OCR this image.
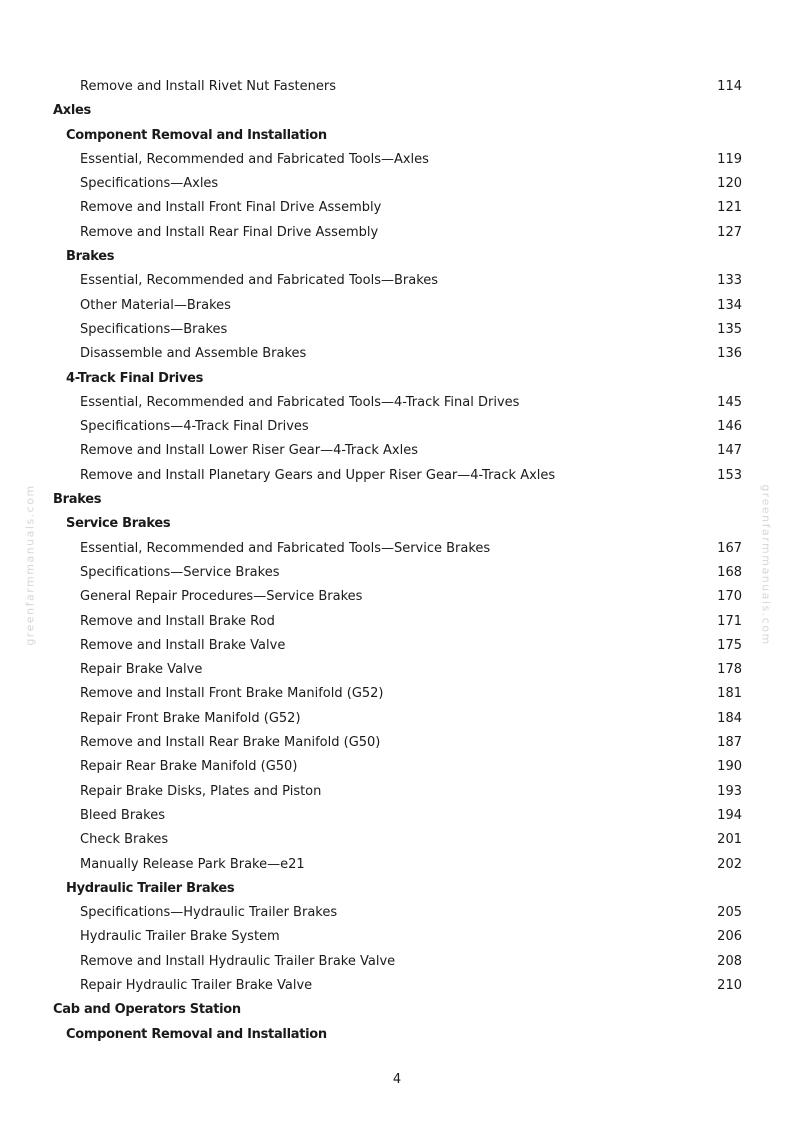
Remove and Install Rivet Nut Fasteners	114
Axles
Component Removal and Installation
Essential, Recommended and Fabricated Tools—Axles	119
Specifications—Axles	120
Remove and Install Front Final Drive Assembly	121
Remove and Install Rear Final Drive Assembly	127
Brakes
Essential, Recommended and Fabricated Tools—Brakes	133
Other Material—Brakes	134
Specifications—Brakes	135
Disassemble and Assemble Brakes	136
4-Track Final Drives
Essential, Recommended and Fabricated Tools—4-Track Final Drives	145
Specifications—4-Track Final Drives	146
Remove and Install Lower Riser Gear—4-Track Axles	147
Remove and Install Planetary Gears and Upper Riser Gear—4-Track Axles	153
Brakes
Service Brakes
Essential, Recommended and Fabricated Tools—Service Brakes	167
Specifications—Service Brakes	168
General Repair Procedures—Service Brakes	170
Remove and Install Brake Rod	171
Remove and Install Brake Valve	175
Repair Brake Valve	178
Remove and Install Front Brake Manifold (G52)	181
Repair Front Brake Manifold (G52)	184
Remove and Install Rear Brake Manifold (G50)	187
Repair Rear Brake Manifold (G50)	190
Repair Brake Disks, Plates and Piston	193
Bleed Brakes	194
Check Brakes	201
Manually Release Park Brake—e21	202
Hydraulic Trailer Brakes
Specifications—Hydraulic Trailer Brakes	205
Hydraulic Trailer Brake System	206
Remove and Install Hydraulic Trailer Brake Valve	208
Repair Hydraulic Trailer Brake Valve	210
Cab and Operators Station
Component Removal and Installation
4
greenfarmmanuals.com	greenfarmmanuals.com
